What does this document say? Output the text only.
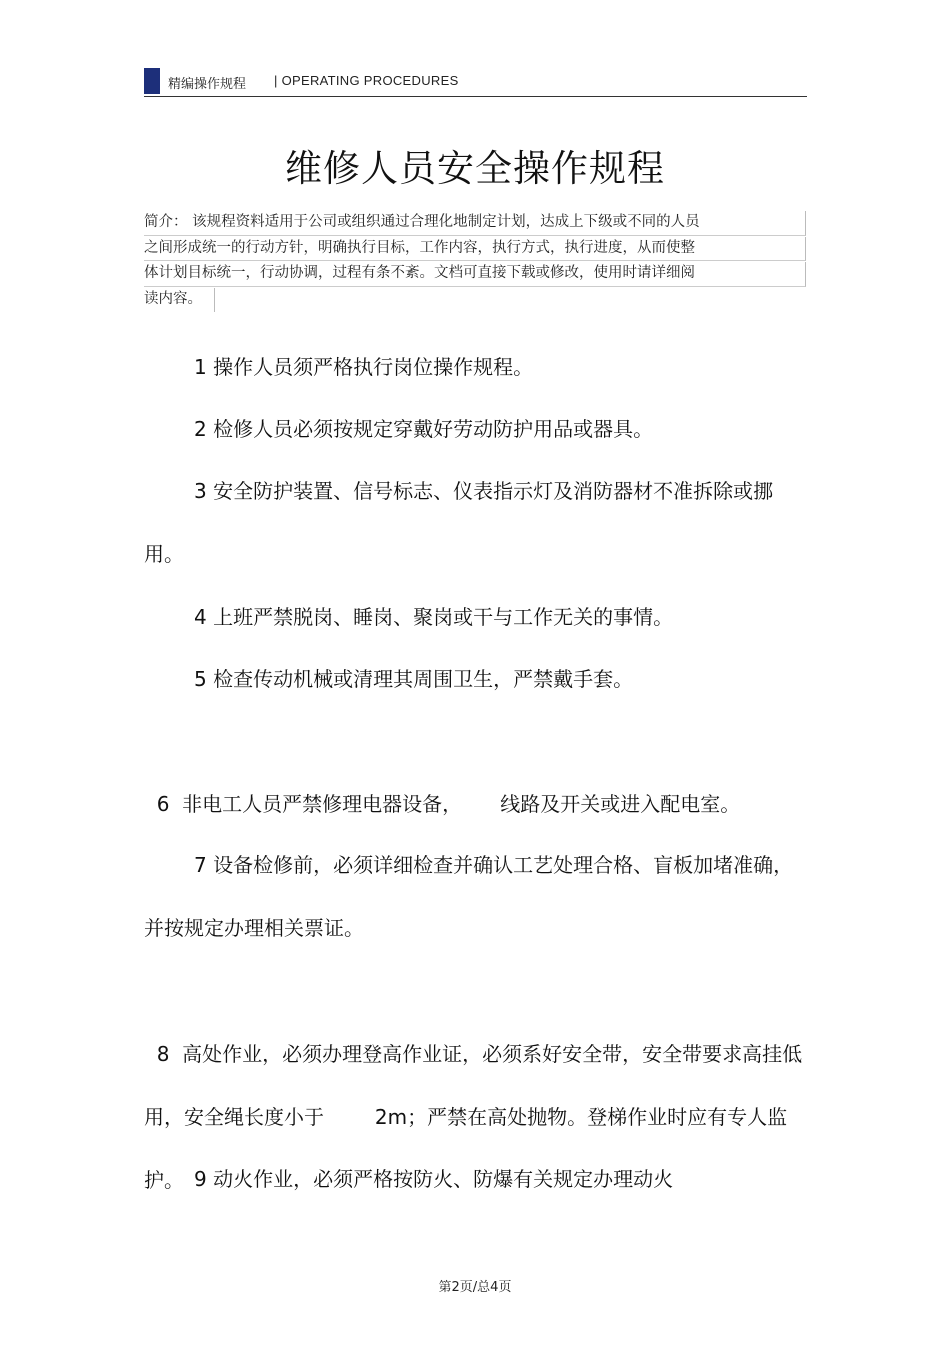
精编操作规程 | OPERATING PROCEDURES
维修人员安全操作规程
简介： 该规程资料适用于公司或组织通过合理化地制定计划，达成上下级或不同的人员
之间形成统一的行动方针，明确执行目标，工作内容，执行方式，执行进度，从而使整
体计划目标统一，行动协调，过程有条不紊。文档可直接下载或修改，使用时请详细阅
读内容。
1 操作人员须严格执行岗位操作规程。
2 检修人员必须按规定穿戴好劳动防护用品或器具。
3 安全防护装置、信号标志、仪表指示灯及消防器材不准拆除或挪用。
4 上班严禁脱岗、睡岗、聚岗或干与工作无关的事情。
5 检查传动机械或清理其周围卫生，严禁戴手套。

6  非电工人员严禁修理电器设备，      线路及开关或进入配电室。

7 设备检修前，必须详细检查并确认工艺处理合格、盲板加堵准确，并按规定办理相关票证。

8  高处作业，必须办理登高作业证，必须系好安全带，安全带要求高挂低用，安全绳长度小于        2m；严禁在高处抛物。登梯作业时应有专人监护。 9 动火作业，必须严格按防火、防爆有关规定办理动火
第2页/总4页
